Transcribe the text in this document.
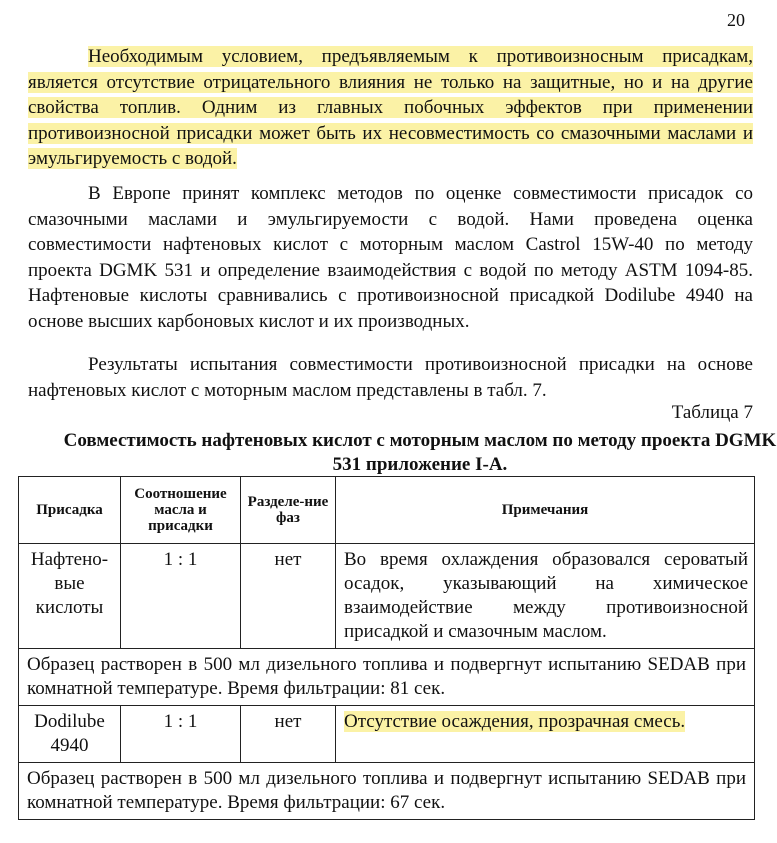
20

Необходимым условием, предъявляемым к противоизносным присадкам, является отсутствие отрицательного влияния не только на защитные, но и на другие свойства топлив. Одним из главных побочных эффектов при применении противоизносной присадки может быть их несовместимость со смазочными маслами и эмульгируемость с водой.

В Европе принят комплекс методов по оценке совместимости присадок со смазочными маслами и эмульгируемости с водой. Нами проведена оценка совместимости нафтеновых кислот с моторным маслом Castrol 15W-40 по методу проекта DGMK 531 и определение взаимодействия с водой по методу ASTM 1094-85. Нафтеновые кислоты сравнивались с противоизносной присадкой Dodilube 4940 на основе высших карбоновых кислот и их производных.

Результаты испытания совместимости противоизносной присадки на основе нафтеновых кислот с моторным маслом представлены в табл. 7.

Таблица 7

Совместимость нафтеновых кислот с моторным маслом по методу проекта DGMK 531 приложение I-A.

Присадка	Соотношение масла и присадки	Разделе-ние фаз	Примечания
Нафтено-вые кислоты	1 : 1	нет	Во время охлаждения образовался сероватый осадок, указывающий на химическое взаимодействие между противоизносной присадкой и смазочным маслом.
Образец растворен в 500 мл дизельного топлива и подвергнут испытанию SEDAB при комнатной температуре. Время фильтрации: 81 сек.			
Dodilube 4940	1 : 1	нет	Отсутствие осаждения, прозрачная смесь.
Образец растворен в 500 мл дизельного топлива и подвергнут испытанию SEDAB при комнатной температуре. Время фильтрации: 67 сек.			
